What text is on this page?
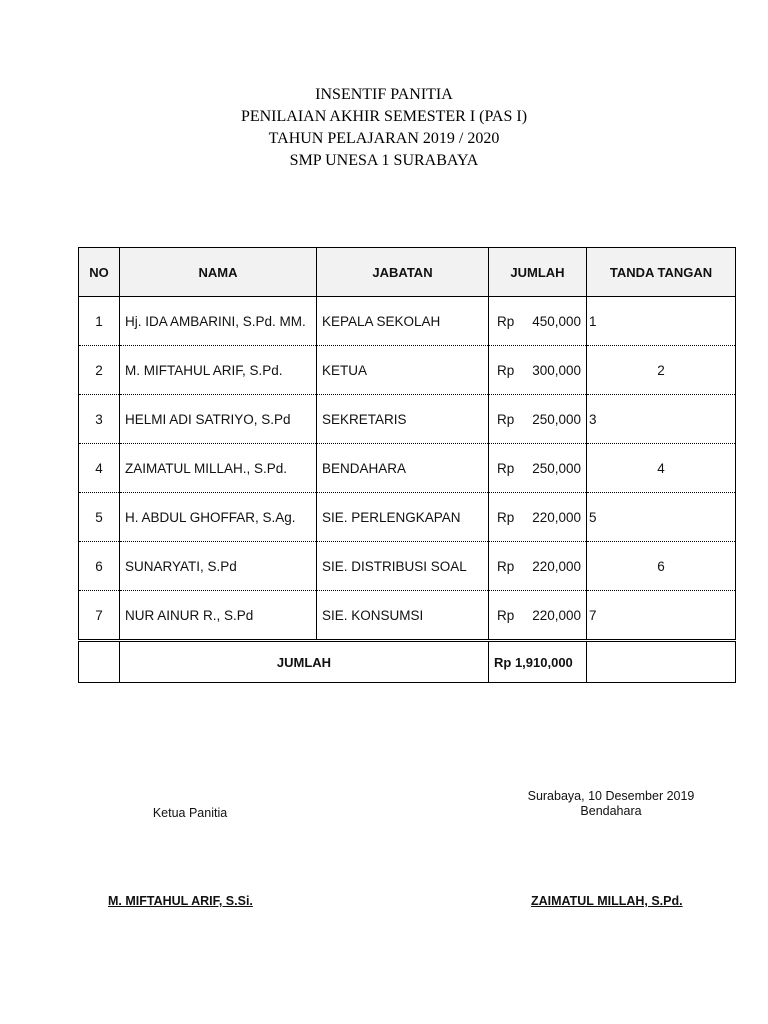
INSENTIF PANITIA
PENILAIAN AKHIR SEMESTER I (PAS I)
TAHUN PELAJARAN 2019 / 2020
SMP UNESA 1 SURABAYA
NO	NAMA	JABATAN	JUMLAH	TANDA TANGAN
1	Hj. IDA AMBARINI, S.Pd. MM.	KEPALA SEKOLAH	Rp 450,000	1
2	M. MIFTAHUL ARIF, S.Pd.	KETUA	Rp 300,000	2
3	HELMI ADI SATRIYO, S.Pd	SEKRETARIS	Rp 250,000	3
4	ZAIMATUL MILLAH., S.Pd.	BENDAHARA	Rp 250,000	4
5	H. ABDUL GHOFFAR, S.Ag.	SIE. PERLENGKAPAN	Rp 220,000	5
6	SUNARYATI, S.Pd	SIE. DISTRIBUSI SOAL	Rp 220,000	6
7	NUR AINUR R., S.Pd	SIE. KONSUMSI	Rp 220,000	7
	JUMLAH		Rp 1,910,000	
Surabaya, 10 Desember 2019
Bendahara
Ketua Panitia
M. MIFTAHUL ARIF, S.Si.	ZAIMATUL MILLAH, S.Pd.
